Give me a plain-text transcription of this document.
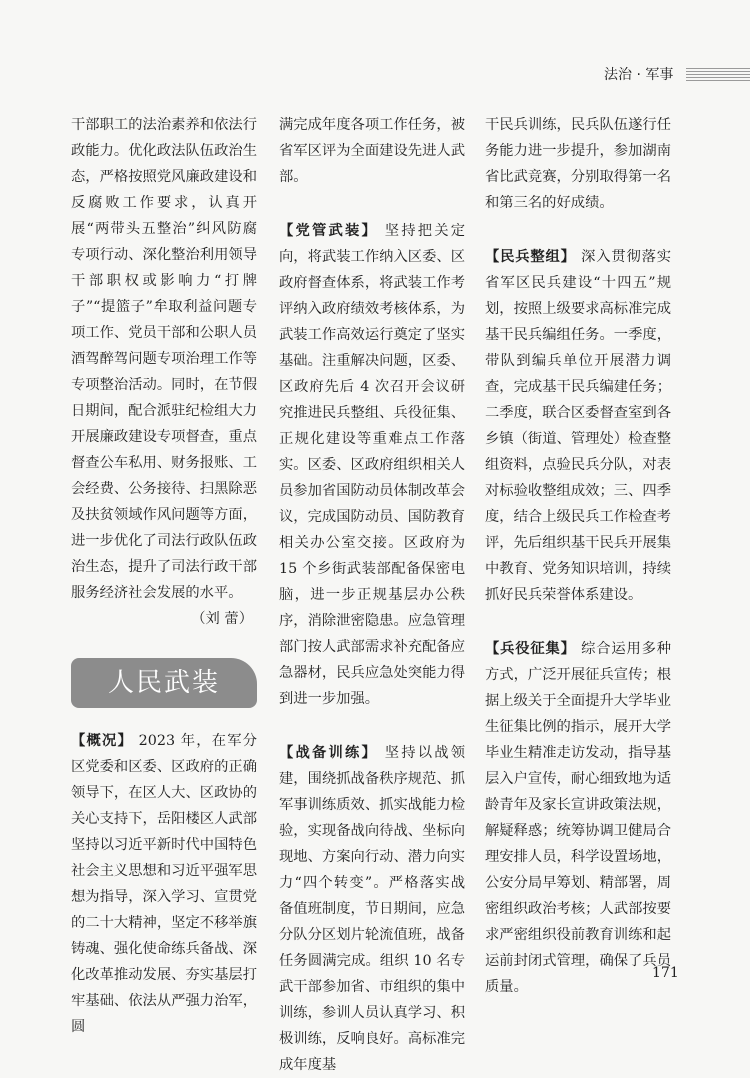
法治 · 军事

干部职工的法治素养和依法行政能力。优化政法队伍政治生态，严格按照党风廉政建设和反腐败工作要求，认真开展“两带头五整治”纠风防腐专项行动、深化整治利用领导干部职权或影响力“打牌子”“提篮子”牟取利益问题专项工作、党员干部和公职人员酒驾醉驾问题专项治理工作等专项整治活动。同时，在节假日期间，配合派驻纪检组大力开展廉政建设专项督查，重点督查公车私用、财务报账、工会经费、公务接待、扫黑除恶及扶贫领域作风问题等方面，进一步优化了司法行政队伍政治生态，提升了司法行政干部服务经济社会发展的水平。

（刘 蕾）

人民武装

【概况】 2023 年，在军分区党委和区委、区政府的正确领导下，在区人大、区政协的关心支持下，岳阳楼区人武部坚持以习近平新时代中国特色社会主义思想和习近平强军思想为指导，深入学习、宣贯党的二十大精神，坚定不移举旗铸魂、强化使命练兵备战、深化改革推动发展、夯实基层打牢基础、依法从严强力治军，圆

满完成年度各项工作任务，被省军区评为全面建设先进人武部。

【党管武装】 坚持把关定向，将武装工作纳入区委、区政府督查体系，将武装工作考评纳入政府绩效考核体系，为武装工作高效运行奠定了坚实基础。注重解决问题，区委、区政府先后 4 次召开会议研究推进民兵整组、兵役征集、正规化建设等重难点工作落实。区委、区政府组织相关人员参加省国防动员体制改革会议，完成国防动员、国防教育相关办公室交接。区政府为 15 个乡街武装部配备保密电脑，进一步正规基层办公秩序，消除泄密隐患。应急管理部门按人武部需求补充配备应急器材，民兵应急处突能力得到进一步加强。

【战备训练】 坚持以战领建，围绕抓战备秩序规范、抓军事训练质效、抓实战能力检验，实现备战向待战、坐标向现地、方案向行动、潜力向实力“四个转变”。严格落实战备值班制度，节日期间，应急分队分区划片轮流值班，战备任务圆满完成。组织 10 名专武干部参加省、市组织的集中训练，参训人员认真学习、积极训练，反响良好。高标准完成年度基

干民兵训练，民兵队伍遂行任务能力进一步提升，参加湖南省比武竞赛，分别取得第一名和第三名的好成绩。

【民兵整组】 深入贯彻落实省军区民兵建设“十四五”规划，按照上级要求高标准完成基干民兵编组任务。一季度，带队到编兵单位开展潜力调查，完成基干民兵编建任务；二季度，联合区委督查室到各乡镇（街道、管理处）检查整组资料，点验民兵分队，对表对标验收整组成效；三、四季度，结合上级民兵工作检查考评，先后组织基干民兵开展集中教育、党务知识培训，持续抓好民兵荣誉体系建设。

【兵役征集】 综合运用多种方式，广泛开展征兵宣传；根据上级关于全面提升大学毕业生征集比例的指示，展开大学毕业生精准走访发动，指导基层入户宣传，耐心细致地为适龄青年及家长宣讲政策法规，解疑释惑；统筹协调卫健局合理安排人员，科学设置场地，公安分局早筹划、精部署，周密组织政治考核；人武部按要求严密组织役前教育训练和起运前封闭式管理，确保了兵员质量。

171
